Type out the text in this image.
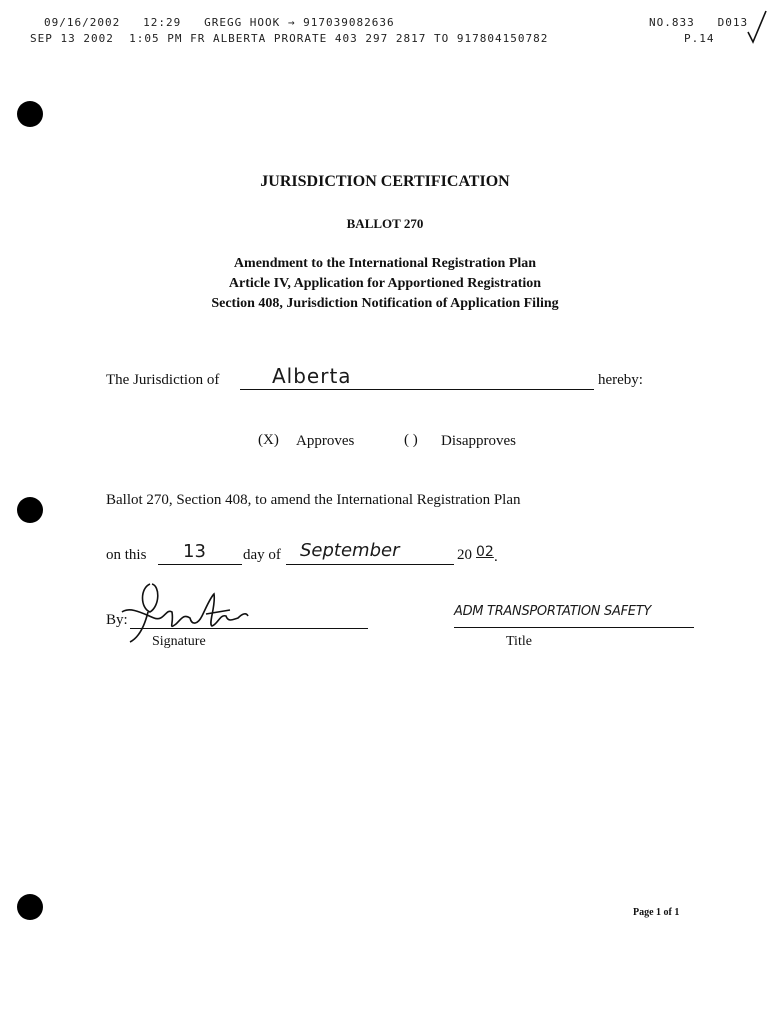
09/16/2002   12:29   GREGG HOOK → 917039082636	NO.833   D013
SEP 13 2002  1:05 PM FR ALBERTA PRORATE 403 297 2817 TO 917804150782	P.14
JURISDICTION CERTIFICATION
BALLOT 270
Amendment to the International Registration Plan
Article IV, Application for Apportioned Registration
Section 408, Jurisdiction Notification of Application Filing
The Jurisdiction of	Alberta	hereby:
(X) Approves	( ) Disapproves
Ballot 270, Section 408, to amend the International Registration Plan
on this 13 day of September	20 02 .
By:
Signature
ADM TRANSPORTATION SAFETY
Title
Page 1 of 1
